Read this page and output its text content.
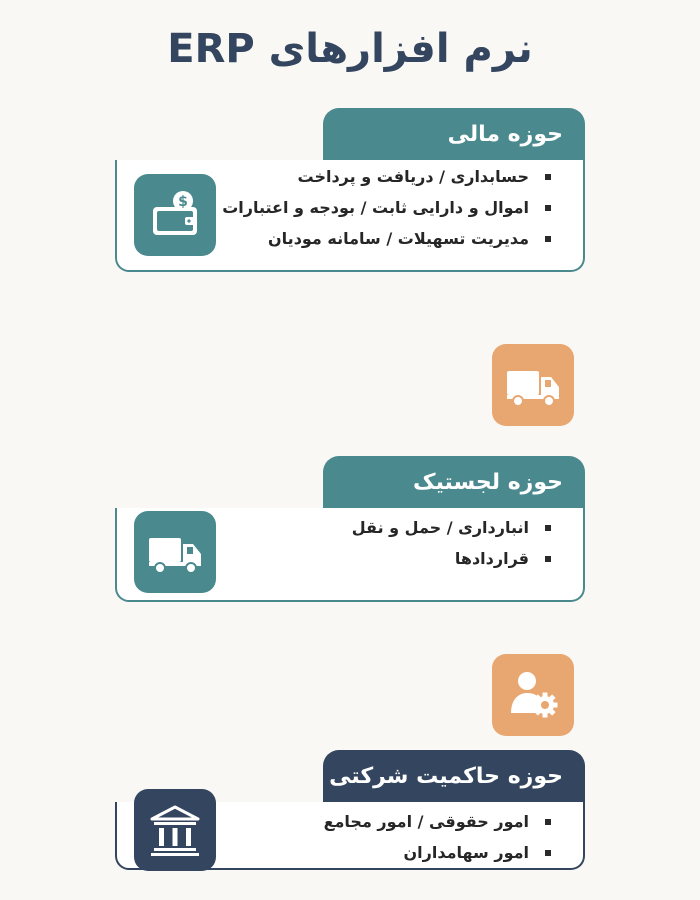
نرم افزارهای ERP
حوزه مالی
حسابداری / دریافت و پرداخت
اموال و دارایی ثابت / بودجه و اعتبارات
مدیریت تسهیلات / سامانه مودیان
$
حوزه لجستیک
انبارداری / حمل و نقل
قراردادها
حوزه حاکمیت شرکتی
امور حقوقی / امور مجامع
امور سهامداران
